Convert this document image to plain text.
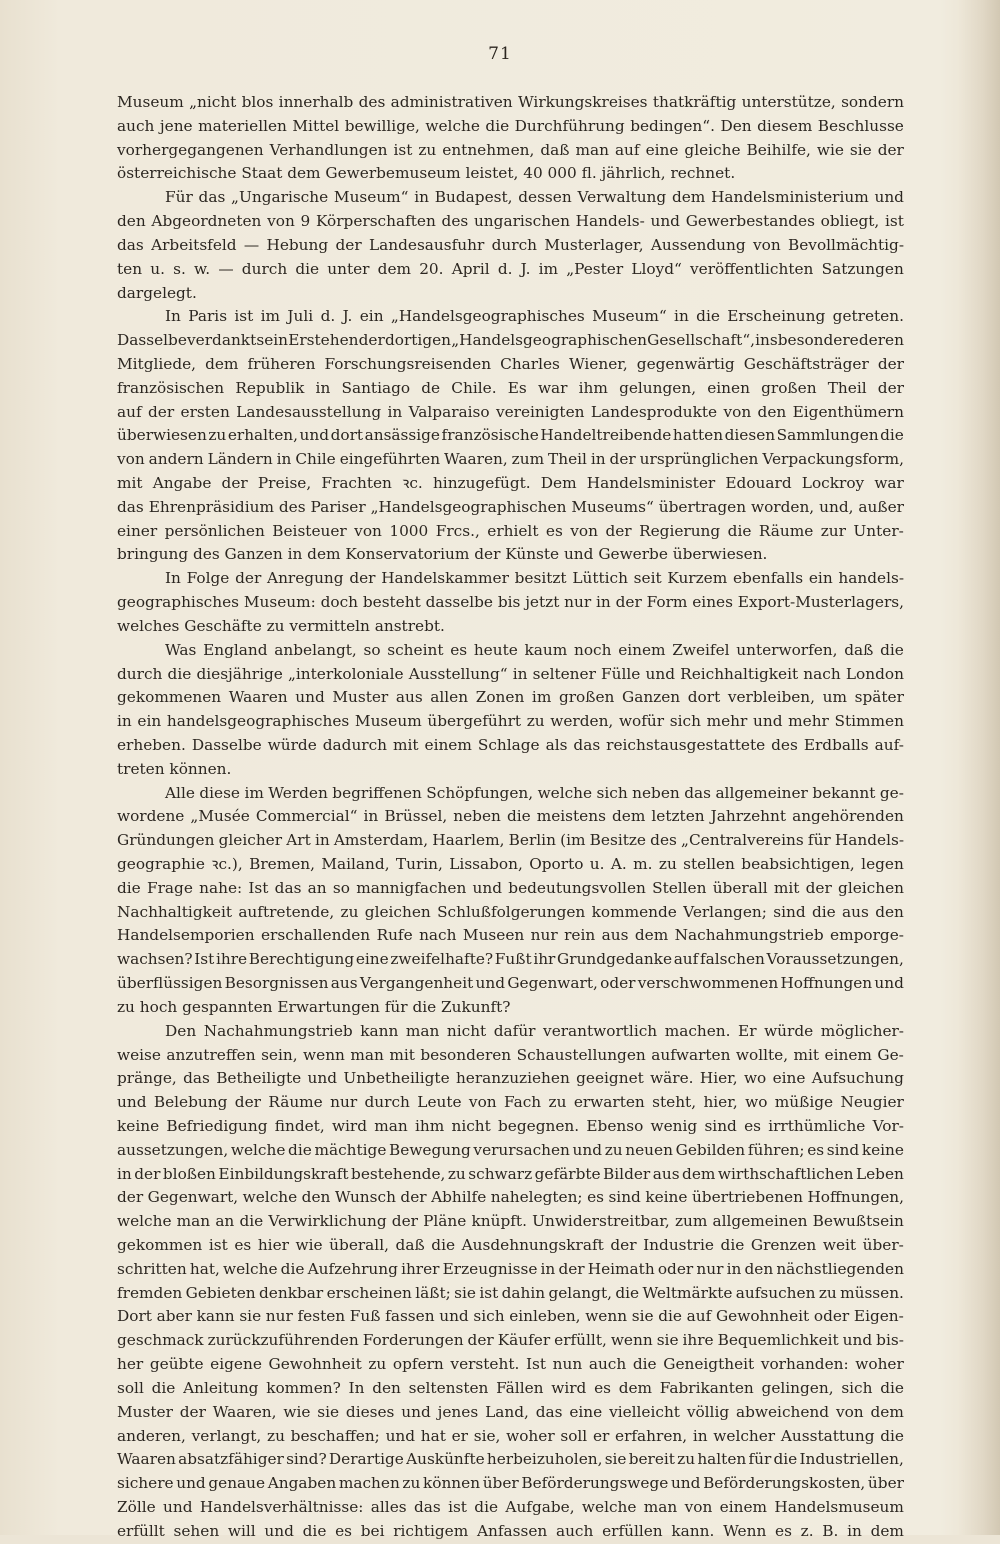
71
Museum „nicht blos innerhalb des administrativen Wirkungskreises thatkräftig unterstütze, sondern
auch jene materiellen Mittel bewillige, welche die Durchführung bedingen“. Den diesem Beschlusse
vorhergegangenen Verhandlungen ist zu entnehmen, daß man auf eine gleiche Beihilfe, wie sie der
österreichische Staat dem Gewerbemuseum leistet, 40 000 fl. jährlich, rechnet.
Für das „Ungarische Museum“ in Budapest, dessen Verwaltung dem Handelsministerium und
den Abgeordneten von 9 Körperschaften des ungarischen Handels- und Gewerbestandes obliegt, ist
das Arbeitsfeld — Hebung der Landesausfuhr durch Musterlager, Aussendung von Bevollmächtig-
ten u. s. w. — durch die unter dem 20. April d. J. im „Pester Lloyd“ veröffentlichten Satzungen
dargelegt.
In Paris ist im Juli d. J. ein „Handelsgeographisches Museum“ in die Erscheinung getreten.
Dasselbe verdankt sein Erstehen der dortigen „Handelsgeographischen Gesellschaft“, insbesondere deren
Mitgliede, dem früheren Forschungsreisenden Charles Wiener, gegenwärtig Geschäftsträger der
französischen Republik in Santiago de Chile. Es war ihm gelungen, einen großen Theil der
auf der ersten Landesausstellung in Valparaiso vereinigten Landesprodukte von den Eigenthümern
überwiesen zu erhalten, und dort ansässige französische Handeltreibende hatten diesen Sammlungen die
von andern Ländern in Chile eingeführten Waaren, zum Theil in der ursprünglichen Verpackungsform,
mit Angabe der Preise, Frachten ꝛc. hinzugefügt. Dem Handelsminister Edouard Lockroy war
das Ehrenpräsidium des Pariser „Handelsgeographischen Museums“ übertragen worden, und, außer
einer persönlichen Beisteuer von 1000 Frcs., erhielt es von der Regierung die Räume zur Unter-
bringung des Ganzen in dem Konservatorium der Künste und Gewerbe überwiesen.
In Folge der Anregung der Handelskammer besitzt Lüttich seit Kurzem ebenfalls ein handels-
geographisches Museum: doch besteht dasselbe bis jetzt nur in der Form eines Export-Musterlagers,
welches Geschäfte zu vermitteln anstrebt.
Was England anbelangt, so scheint es heute kaum noch einem Zweifel unterworfen, daß die
durch die diesjährige „interkoloniale Ausstellung“ in seltener Fülle und Reichhaltigkeit nach London
gekommenen Waaren und Muster aus allen Zonen im großen Ganzen dort verbleiben, um später
in ein handelsgeographisches Museum übergeführt zu werden, wofür sich mehr und mehr Stimmen
erheben. Dasselbe würde dadurch mit einem Schlage als das reichstausgestattete des Erdballs auf-
treten können.
Alle diese im Werden begriffenen Schöpfungen, welche sich neben das allgemeiner bekannt ge-
wordene „Musée Commercial“ in Brüssel, neben die meistens dem letzten Jahrzehnt angehörenden
Gründungen gleicher Art in Amsterdam, Haarlem, Berlin (im Besitze des „Centralvereins für Handels-
geographie ꝛc.), Bremen, Mailand, Turin, Lissabon, Oporto u. A. m. zu stellen beabsichtigen, legen
die Frage nahe: Ist das an so mannigfachen und bedeutungsvollen Stellen überall mit der gleichen
Nachhaltigkeit auftretende, zu gleichen Schlußfolgerungen kommende Verlangen; sind die aus den
Handelsemporien erschallenden Rufe nach Museen nur rein aus dem Nachahmungstrieb emporge-
wachsen? Ist ihre Berechtigung eine zweifelhafte? Fußt ihr Grundgedanke auf falschen Voraussetzungen,
überflüssigen Besorgnissen aus Vergangenheit und Gegenwart, oder verschwommenen Hoffnungen und
zu hoch gespannten Erwartungen für die Zukunft?
Den Nachahmungstrieb kann man nicht dafür verantwortlich machen. Er würde möglicher-
weise anzutreffen sein, wenn man mit besonderen Schaustellungen aufwarten wollte, mit einem Ge-
pränge, das Betheiligte und Unbetheiligte heranzuziehen geeignet wäre. Hier, wo eine Aufsuchung
und Belebung der Räume nur durch Leute von Fach zu erwarten steht, hier, wo müßige Neugier
keine Befriedigung findet, wird man ihm nicht begegnen. Ebenso wenig sind es irrthümliche Vor-
aussetzungen, welche die mächtige Bewegung verursachen und zu neuen Gebilden führen; es sind keine
in der bloßen Einbildungskraft bestehende, zu schwarz gefärbte Bilder aus dem wirthschaftlichen Leben
der Gegenwart, welche den Wunsch der Abhilfe nahelegten; es sind keine übertriebenen Hoffnungen,
welche man an die Verwirklichung der Pläne knüpft. Unwiderstreitbar, zum allgemeinen Bewußtsein
gekommen ist es hier wie überall, daß die Ausdehnungskraft der Industrie die Grenzen weit über-
schritten hat, welche die Aufzehrung ihrer Erzeugnisse in der Heimath oder nur in den nächstliegenden
fremden Gebieten denkbar erscheinen läßt; sie ist dahin gelangt, die Weltmärkte aufsuchen zu müssen.
Dort aber kann sie nur festen Fuß fassen und sich einleben, wenn sie die auf Gewohnheit oder Eigen-
geschmack zurückzuführenden Forderungen der Käufer erfüllt, wenn sie ihre Bequemlichkeit und bis-
her geübte eigene Gewohnheit zu opfern versteht. Ist nun auch die Geneigtheit vorhanden: woher
soll die Anleitung kommen? In den seltensten Fällen wird es dem Fabrikanten gelingen, sich die
Muster der Waaren, wie sie dieses und jenes Land, das eine vielleicht völlig abweichend von dem
anderen, verlangt, zu beschaffen; und hat er sie, woher soll er erfahren, in welcher Ausstattung die
Waaren absatzfähiger sind? Derartige Auskünfte herbeizuholen, sie bereit zu halten für die Industriellen,
sichere und genaue Angaben machen zu können über Beförderungswege und Beförderungskosten, über
Zölle und Handelsverhältnisse: alles das ist die Aufgabe, welche man von einem Handelsmuseum
erfüllt sehen will und die es bei richtigem Anfassen auch erfüllen kann. Wenn es z. B. in dem
